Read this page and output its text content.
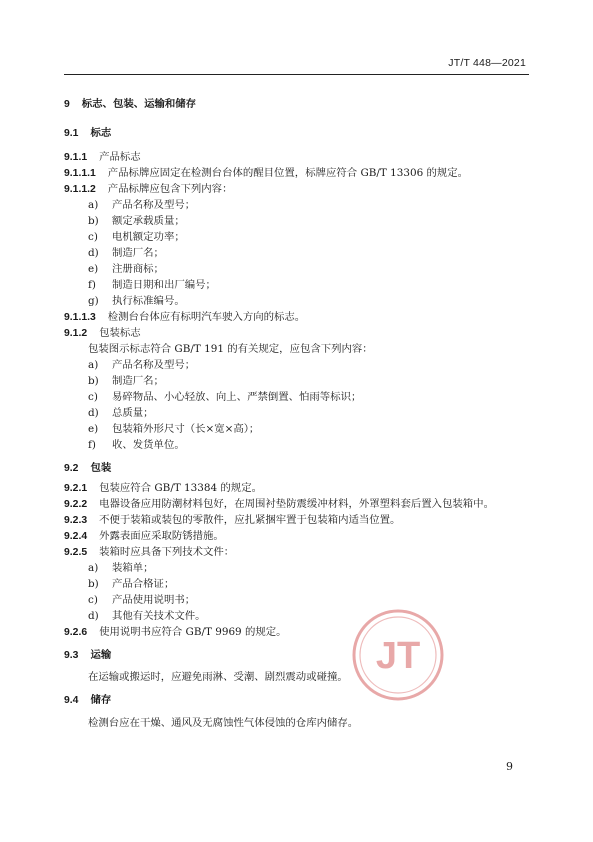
JT/T 448—2021
9 标志、包装、运输和储存
9.1 标志
9.1.1 产品标志
9.1.1.1 产品标牌应固定在检测台台体的醒目位置，标牌应符合 GB/T 13306 的规定。
9.1.1.2 产品标牌应包含下列内容：
a) 产品名称及型号；
b) 额定承载质量；
c) 电机额定功率；
d) 制造厂名；
e) 注册商标；
f) 制造日期和出厂编号；
g) 执行标准编号。
9.1.1.3 检测台台体应有标明汽车驶入方向的标志。
9.1.2 包装标志
包装图示标志符合 GB/T 191 的有关规定，应包含下列内容：
a) 产品名称及型号；
b) 制造厂名；
c) 易碎物品、小心轻放、向上、严禁倒置、怕雨等标识；
d) 总质量；
e) 包装箱外形尺寸（长×宽×高）；
f) 收、发货单位。
9.2 包装
9.2.1 包装应符合 GB/T 13384 的规定。
9.2.2 电器设备应用防潮材料包好，在周围衬垫防震缓冲材料，外罩塑料套后置入包装箱中。
9.2.3 不便于装箱或装包的零散件，应扎紧捆牢置于包装箱内适当位置。
9.2.4 外露表面应采取防锈措施。
9.2.5 装箱时应具备下列技术文件：
a) 装箱单；
b) 产品合格证；
c) 产品使用说明书；
d) 其他有关技术文件。
9.2.6 使用说明书应符合 GB/T 9969 的规定。
9.3 运输
在运输或搬运时，应避免雨淋、受潮、剧烈震动或碰撞。
9.4 储存
检测台应在干燥、通风及无腐蚀性气体侵蚀的仓库内储存。
JT
9
